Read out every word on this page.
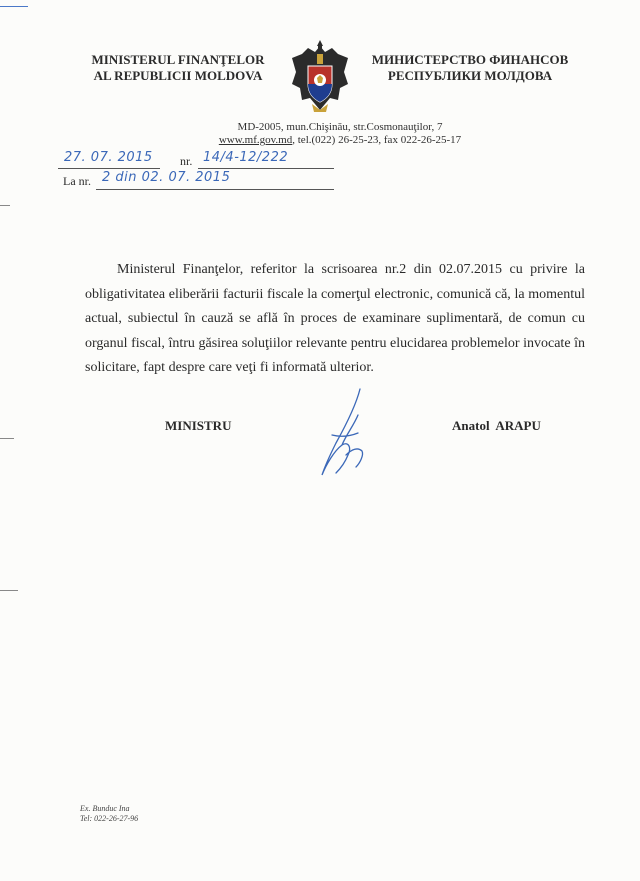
MINISTERUL FINANŢELOR
AL REPUBLICII MOLDOVA
МИНИСТЕРСТВО ФИНАНСОВ
РЕСПУБЛИКИ МОЛДОВА
MD-2005, mun.Chişinău, str.Cosmonauţilor, 7
www.mf.gov.md, tel.(022) 26-25-23, fax 022-26-25-17
27. 07. 2015 nr. 14/4-12/222
La nr. 2 din 02. 07. 2015
Ministerul Finanţelor, referitor la scrisoarea nr.2 din 02.07.2015 cu privire la obligativitatea eliberării facturii fiscale la comerţul electronic, comunică că, la momentul actual, subiectul în cauză se află în proces de examinare suplimentară, de comun cu organul fiscal, întru găsirea soluţiilor relevante pentru elucidarea problemelor invocate în solicitare, fapt despre care veţi fi informată ulterior.
MINISTRU	Anatol  ARAPU
Ex. Bunduc Ina
Tel: 022-26-27-96
